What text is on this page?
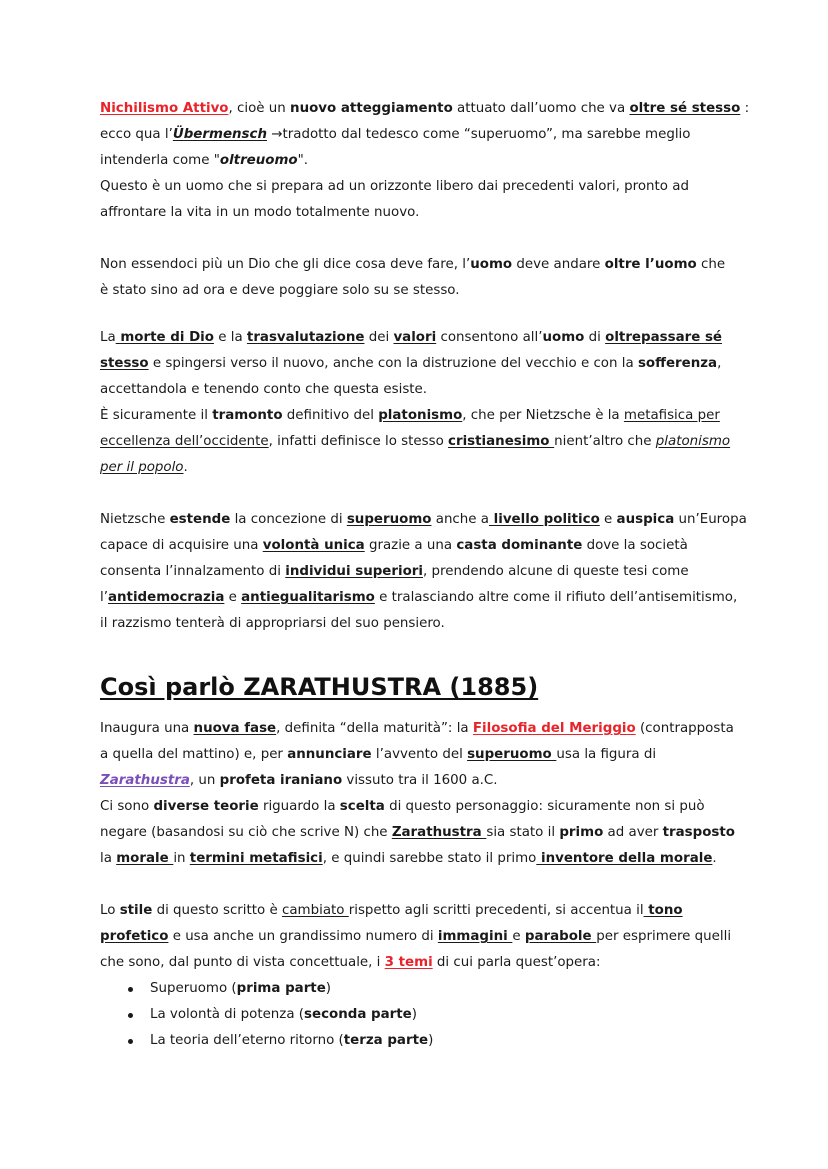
Nichilismo Attivo, cioè un nuovo atteggiamento attuato dall’uomo che va oltre sé stesso :

ecco qua l’Übermensch →tradotto dal tedesco come “superuomo”, ma sarebbe meglio

intenderla come "oltreuomo".

Questo è un uomo che si prepara ad un orizzonte libero dai precedenti valori, pronto ad

affrontare la vita in un modo totalmente nuovo.

Non essendoci più un Dio che gli dice cosa deve fare, l’uomo deve andare oltre l’uomo che

è stato sino ad ora e deve poggiare solo su se stesso.

La morte di Dio e la trasvalutazione dei valori consentono all’uomo di oltrepassare sé

stesso e spingersi verso il nuovo, anche con la distruzione del vecchio e con la sofferenza,

accettandola e tenendo conto che questa esiste.

È sicuramente il tramonto definitivo del platonismo, che per Nietzsche è la metafisica per

eccellenza dell’occidente, infatti definisce lo stesso cristianesimo nient’altro che platonismo

per il popolo.

Nietzsche estende la concezione di superuomo anche a livello politico e auspica un’Europa

capace di acquisire una volontà unica grazie a una casta dominante dove la società

consenta l’innalzamento di individui superiori, prendendo alcune di queste tesi come

l’antidemocrazia e antiegualitarismo e tralasciando altre come il rifiuto dell’antisemitismo,

il razzismo tenterà di appropriarsi del suo pensiero.

Così parlò ZARATHUSTRA (1885)

Inaugura una nuova fase, definita “della maturità”: la Filosofia del Meriggio (contrapposta

a quella del mattino) e, per annunciare l’avvento del superuomo usa la figura di

Zarathustra, un profeta iraniano vissuto tra il 1600 a.C.

Ci sono diverse teorie riguardo la scelta di questo personaggio: sicuramente non si può

negare (basandosi su ciò che scrive N) che Zarathustra sia stato il primo ad aver trasposto

la morale in termini metafisici, e quindi sarebbe stato il primo inventore della morale.

Lo stile di questo scritto è cambiato rispetto agli scritti precedenti, si accentua il tono

profetico e usa anche un grandissimo numero di immagini e parabole per esprimere quelli

che sono, dal punto di vista concettuale, i 3 temi di cui parla quest’opera:

Superuomo (prima parte)
La volontà di potenza (seconda parte)
La teoria dell’eterno ritorno (terza parte)
